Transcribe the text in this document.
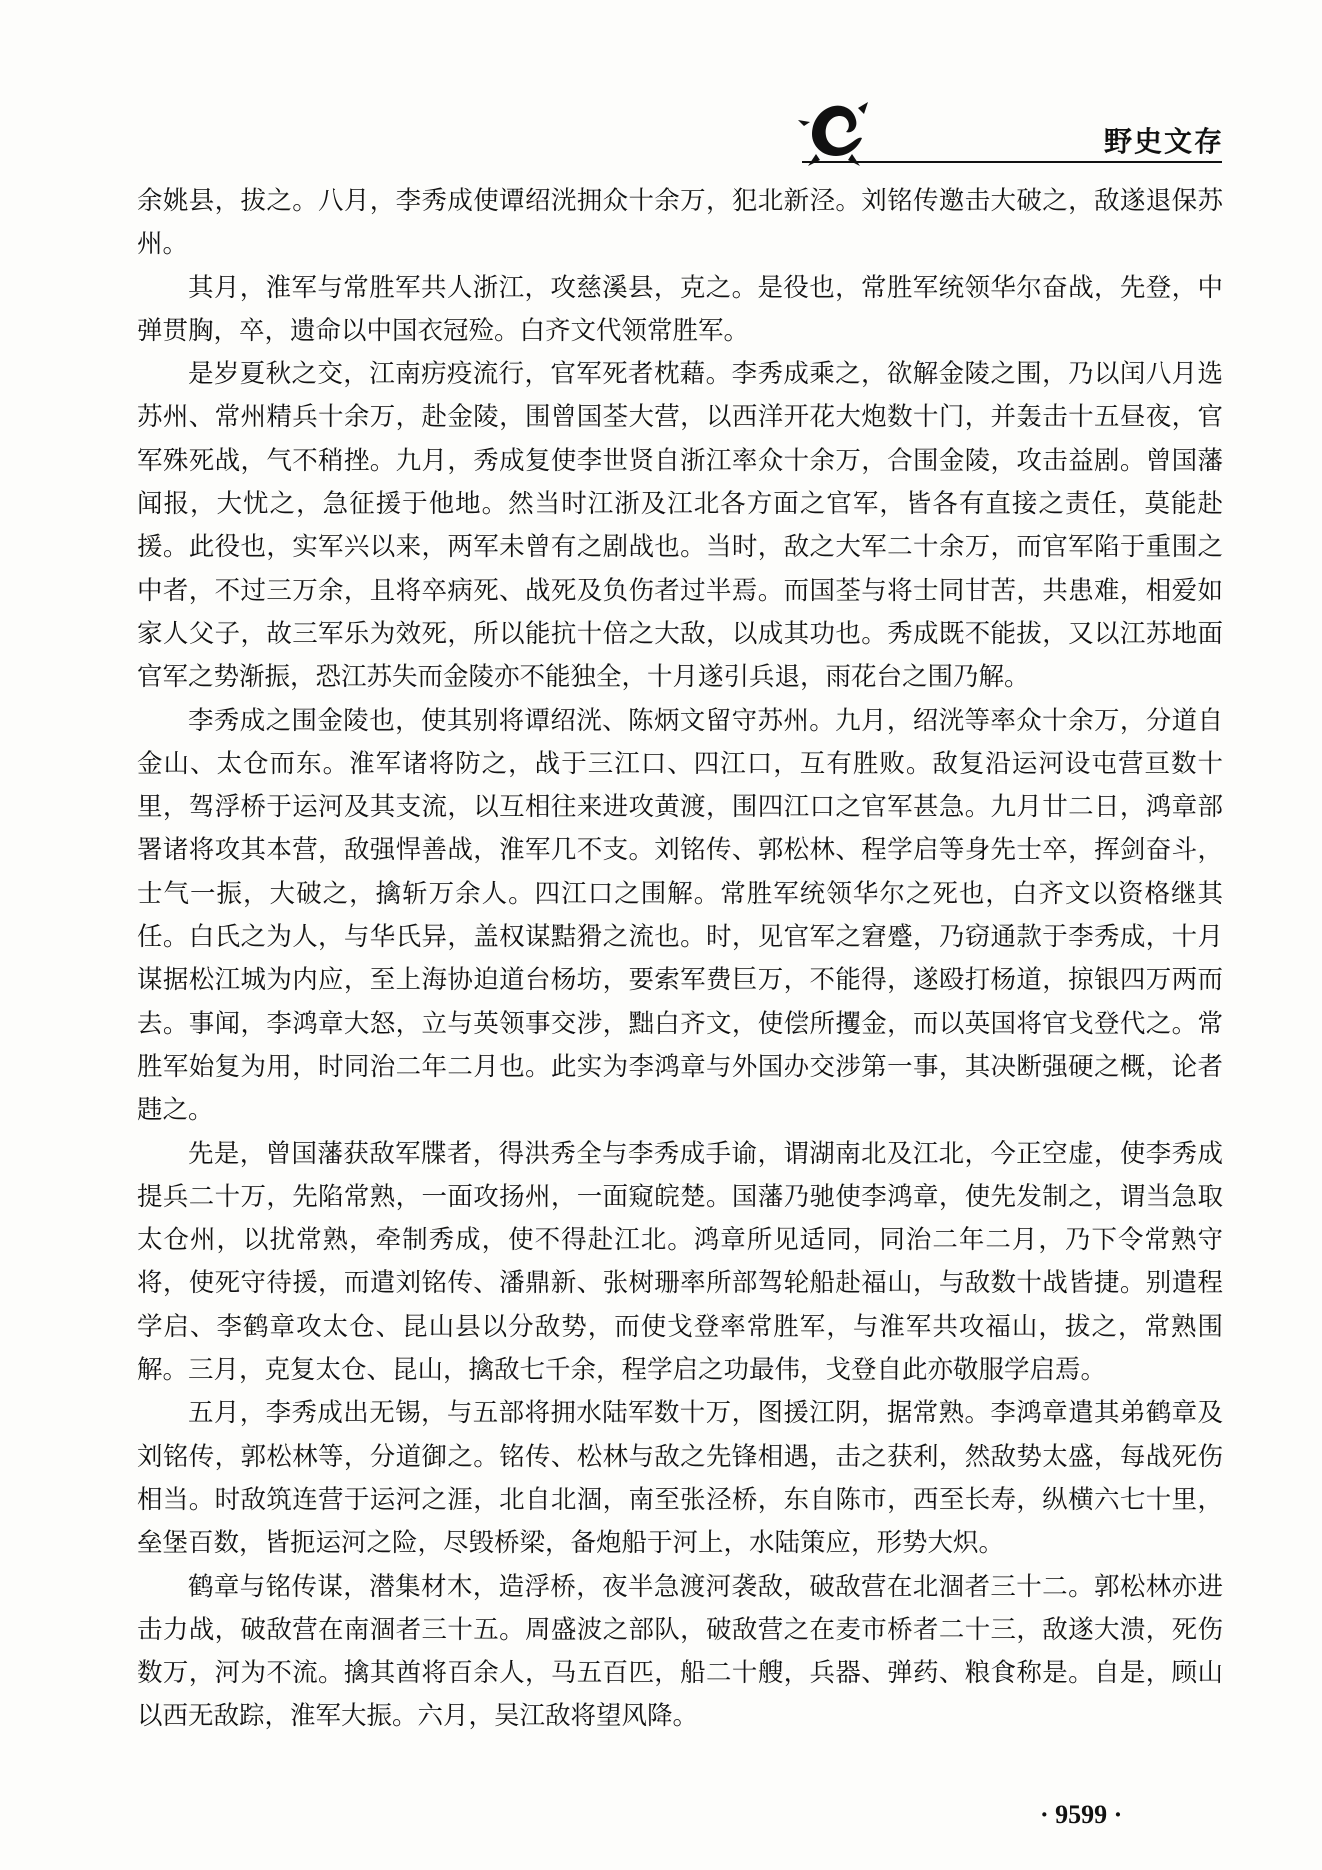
野史文存

余姚县，拔之。八月，李秀成使谭绍洸拥众十余万，犯北新泾。刘铭传邀击大破之，敌遂退保苏州。

其月，淮军与常胜军共人浙江，攻慈溪县，克之。是役也，常胜军统领华尔奋战，先登，中弹贯胸，卒，遗命以中国衣冠殓。白齐文代领常胜军。

是岁夏秋之交，江南疠疫流行，官军死者枕藉。李秀成乘之，欲解金陵之围，乃以闰八月选苏州、常州精兵十余万，赴金陵，围曾国荃大营，以西洋开花大炮数十门，并轰击十五昼夜，官军殊死战，气不稍挫。九月，秀成复使李世贤自浙江率众十余万，合围金陵，攻击益剧。曾国藩闻报，大忧之，急征援于他地。然当时江浙及江北各方面之官军，皆各有直接之责任，莫能赴援。此役也，实军兴以来，两军未曾有之剧战也。当时，敌之大军二十余万，而官军陷于重围之中者，不过三万余，且将卒病死、战死及负伤者过半焉。而国荃与将士同甘苦，共患难，相爱如家人父子，故三军乐为效死，所以能抗十倍之大敌，以成其功也。秀成既不能拔，又以江苏地面官军之势渐振，恐江苏失而金陵亦不能独全，十月遂引兵退，雨花台之围乃解。

李秀成之围金陵也，使其别将谭绍洸、陈炳文留守苏州。九月，绍洸等率众十余万，分道自金山、太仓而东。淮军诸将防之，战于三江口、四江口，互有胜败。敌复沿运河设屯营亘数十里，驾浮桥于运河及其支流，以互相往来进攻黄渡，围四江口之官军甚急。九月廿二日，鸿章部署诸将攻其本营，敌强悍善战，淮军几不支。刘铭传、郭松林、程学启等身先士卒，挥剑奋斗，士气一振，大破之，擒斩万余人。四江口之围解。常胜军统领华尔之死也，白齐文以资格继其任。白氏之为人，与华氏异，盖权谋黠猾之流也。时，见官军之窘蹙，乃窃通款于李秀成，十月谋据松江城为内应，至上海协迫道台杨坊，要索军费巨万，不能得，遂殴打杨道，掠银四万两而去。事闻，李鸿章大怒，立与英领事交涉，黜白齐文，使偿所攫金，而以英国将官戈登代之。常胜军始复为用，时同治二年二月也。此实为李鸿章与外国办交涉第一事，其决断强硬之概，论者韪之。

先是，曾国藩获敌军牒者，得洪秀全与李秀成手谕，谓湖南北及江北，今正空虚，使李秀成提兵二十万，先陷常熟，一面攻扬州，一面窥皖楚。国藩乃驰使李鸿章，使先发制之，谓当急取太仓州，以扰常熟，牵制秀成，使不得赴江北。鸿章所见适同，同治二年二月，乃下令常熟守将，使死守待援，而遣刘铭传、潘鼎新、张树珊率所部驾轮船赴福山，与敌数十战皆捷。别遣程学启、李鹤章攻太仓、昆山县以分敌势，而使戈登率常胜军，与淮军共攻福山，拔之，常熟围解。三月，克复太仓、昆山，擒敌七千余，程学启之功最伟，戈登自此亦敬服学启焉。

五月，李秀成出无锡，与五部将拥水陆军数十万，图援江阴，据常熟。李鸿章遣其弟鹤章及刘铭传，郭松林等，分道御之。铭传、松林与敌之先锋相遇，击之获利，然敌势太盛，每战死伤相当。时敌筑连营于运河之涯，北自北涸，南至张泾桥，东自陈市，西至长寿，纵横六七十里，垒堡百数，皆扼运河之险，尽毁桥梁，备炮船于河上，水陆策应，形势大炽。

鹤章与铭传谋，潜集材木，造浮桥，夜半急渡河袭敌，破敌营在北涸者三十二。郭松林亦进击力战，破敌营在南涸者三十五。周盛波之部队，破敌营之在麦市桥者二十三，敌遂大溃，死伤数万，河为不流。擒其酋将百余人，马五百匹，船二十艘，兵器、弹药、粮食称是。自是，顾山以西无敌踪，淮军大振。六月，吴江敌将望风降。

· 9599 ·
